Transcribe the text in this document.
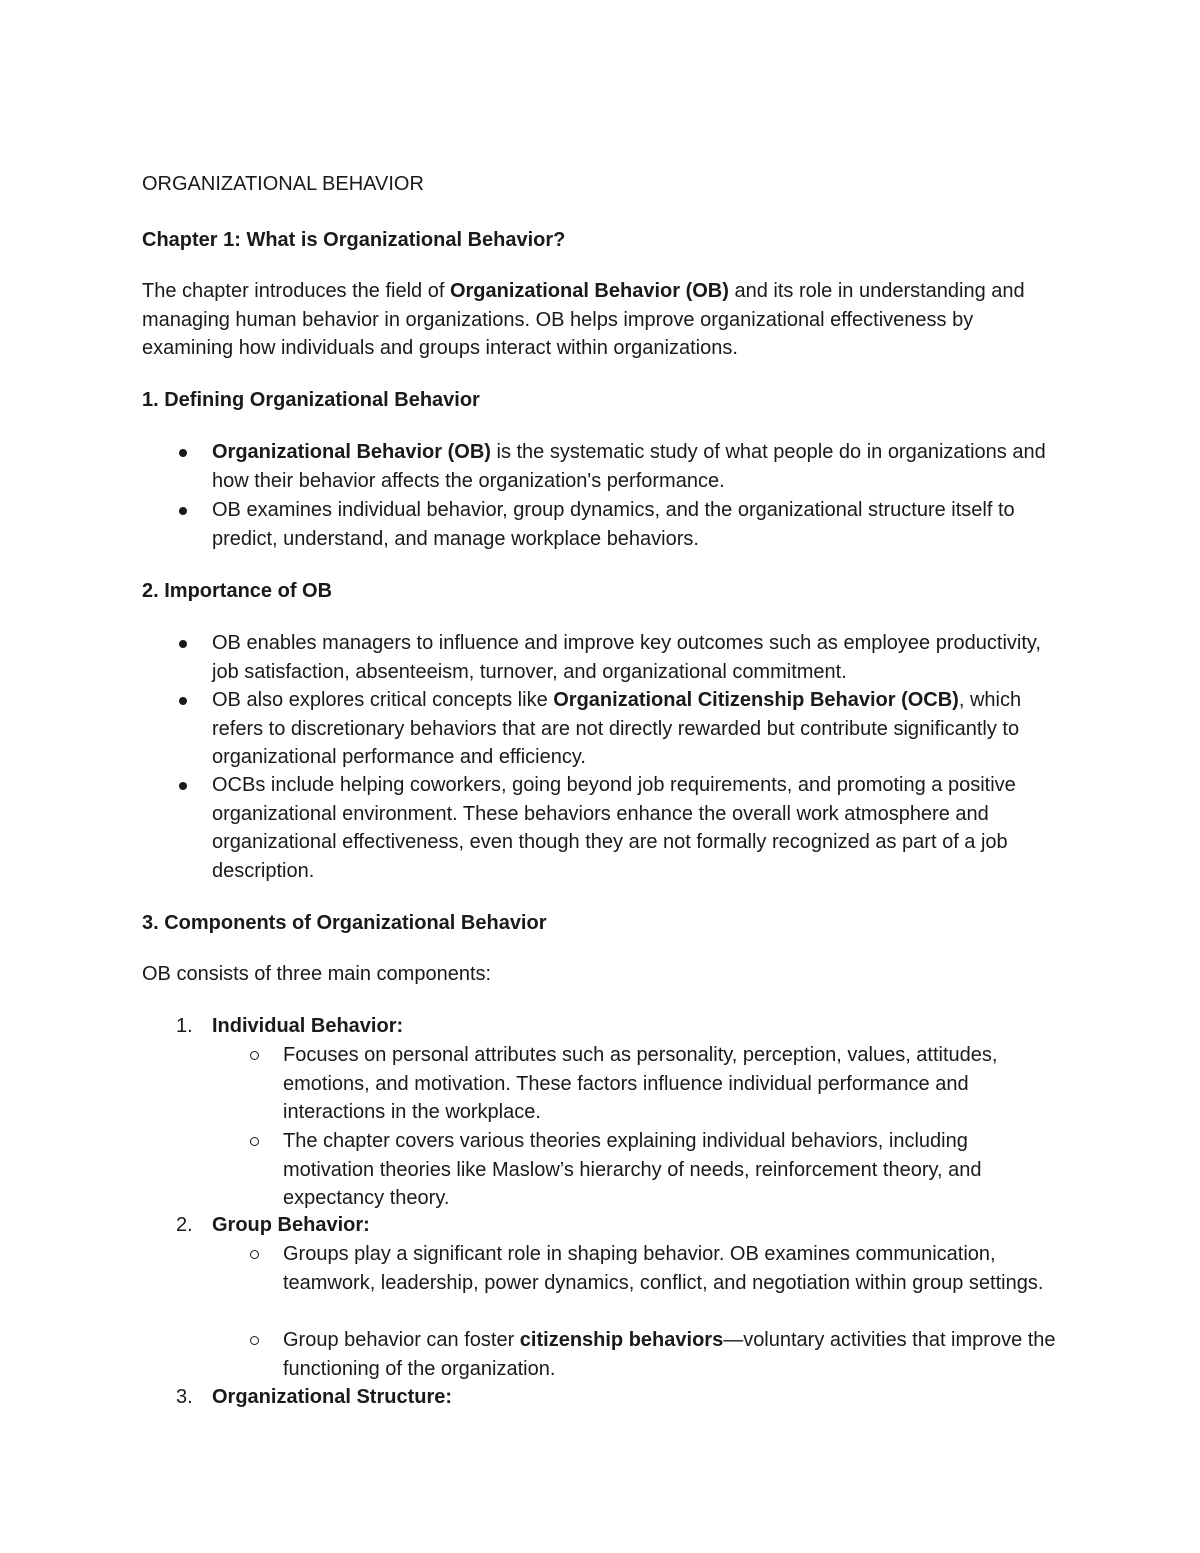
ORGANIZATIONAL BEHAVIOR
Chapter 1: What is Organizational Behavior?

The chapter introduces the field of Organizational Behavior (OB) and its role in understanding and managing human behavior in organizations. OB helps improve organizational effectiveness by examining how individuals and groups interact within organizations.

1. Defining Organizational Behavior
Organizational Behavior (OB) is the systematic study of what people do in organizations and how their behavior affects the organization's performance.
OB examines individual behavior, group dynamics, and the organizational structure itself to predict, understand, and manage workplace behaviors.
2. Importance of OB
OB enables managers to influence and improve key outcomes such as employee productivity, job satisfaction, absenteeism, turnover, and organizational commitment.
OB also explores critical concepts like Organizational Citizenship Behavior (OCB), which refers to discretionary behaviors that are not directly rewarded but contribute significantly to organizational performance and efficiency.
OCBs include helping coworkers, going beyond job requirements, and promoting a positive organizational environment. These behaviors enhance the overall work atmosphere and organizational effectiveness, even though they are not formally recognized as part of a job description.
3. Components of Organizational Behavior

OB consists of three main components:

1. Individual Behavior:
Focuses on personal attributes such as personality, perception, values, attitudes, emotions, and motivation. These factors influence individual performance and interactions in the workplace.
The chapter covers various theories explaining individual behaviors, including motivation theories like Maslow’s hierarchy of needs, reinforcement theory, and expectancy theory.
2. Group Behavior:
Groups play a significant role in shaping behavior. OB examines communication, teamwork, leadership, power dynamics, conflict, and negotiation within group settings.
Group behavior can foster citizenship behaviors—voluntary activities that improve the functioning of the organization.
3. Organizational Structure:
